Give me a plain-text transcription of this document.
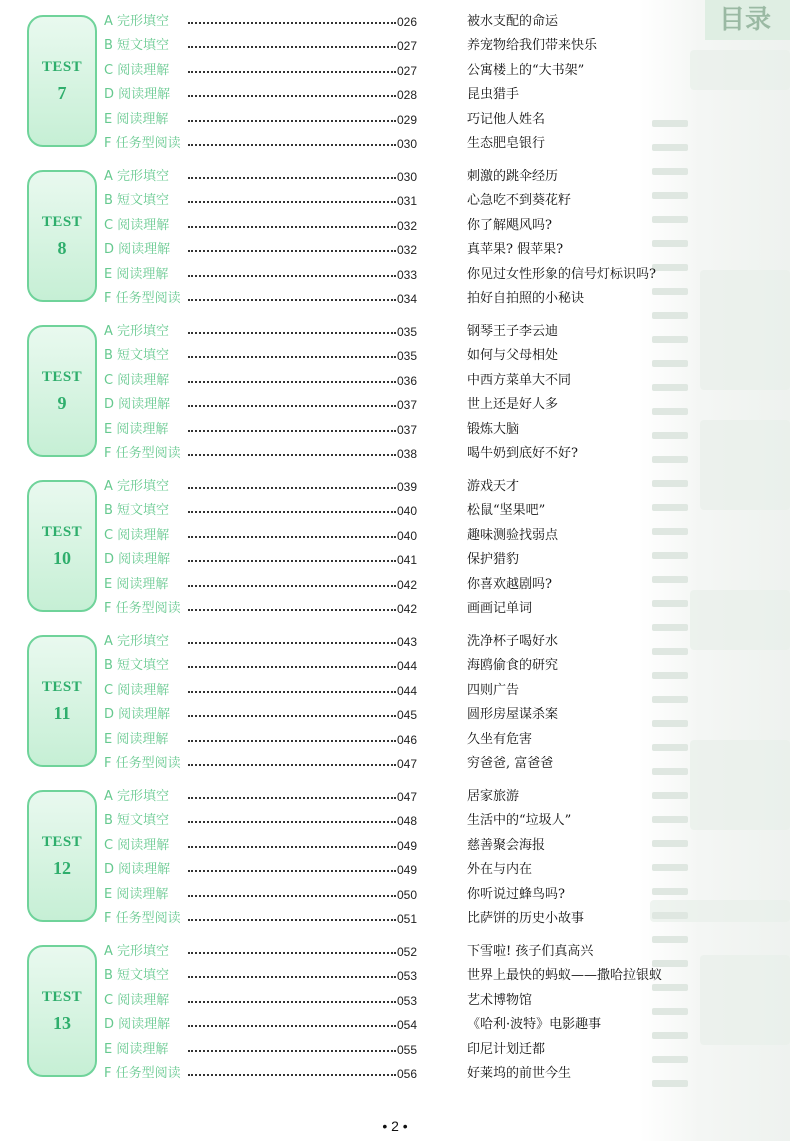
目录
TEST
7
A 完形填空	026	被水支配的命运
B 短文填空	027	养宠物给我们带来快乐
C 阅读理解	027	公寓楼上的“大书架”
D 阅读理解	028	昆虫猎手
E 阅读理解	029	巧记他人姓名
F 任务型阅读	030	生态肥皂银行
TEST
8
A 完形填空	030	刺激的跳伞经历
B 短文填空	031	心急吃不到葵花籽
C 阅读理解	032	你了解飓风吗?
D 阅读理解	032	真苹果? 假苹果?
E 阅读理解	033	你见过女性形象的信号灯标识吗?
F 任务型阅读	034	拍好自拍照的小秘诀
TEST
9
A 完形填空	035	钢琴王子李云迪
B 短文填空	035	如何与父母相处
C 阅读理解	036	中西方菜单大不同
D 阅读理解	037	世上还是好人多
E 阅读理解	037	锻炼大脑
F 任务型阅读	038	喝牛奶到底好不好?
TEST
10
A 完形填空	039	游戏天才
B 短文填空	040	松鼠“坚果吧”
C 阅读理解	040	趣味测验找弱点
D 阅读理解	041	保护猎豹
E 阅读理解	042	你喜欢越剧吗?
F 任务型阅读	042	画画记单词
TEST
11
A 完形填空	043	洗净杯子喝好水
B 短文填空	044	海鸥偷食的研究
C 阅读理解	044	四则广告
D 阅读理解	045	圆形房屋谋杀案
E 阅读理解	046	久坐有危害
F 任务型阅读	047	穷爸爸, 富爸爸
TEST
12
A 完形填空	047	居家旅游
B 短文填空	048	生活中的“垃圾人”
C 阅读理解	049	慈善聚会海报
D 阅读理解	049	外在与内在
E 阅读理解	050	你听说过蜂鸟吗?
F 任务型阅读	051	比萨饼的历史小故事
TEST
13
A 完形填空	052	下雪啦! 孩子们真高兴
B 短文填空	053	世界上最快的蚂蚁——撒哈拉银蚁
C 阅读理解	053	艺术博物馆
D 阅读理解	054	《哈利·波特》电影趣事
E 阅读理解	055	印尼计划迁都
F 任务型阅读	056	好莱坞的前世今生
• 2 •
